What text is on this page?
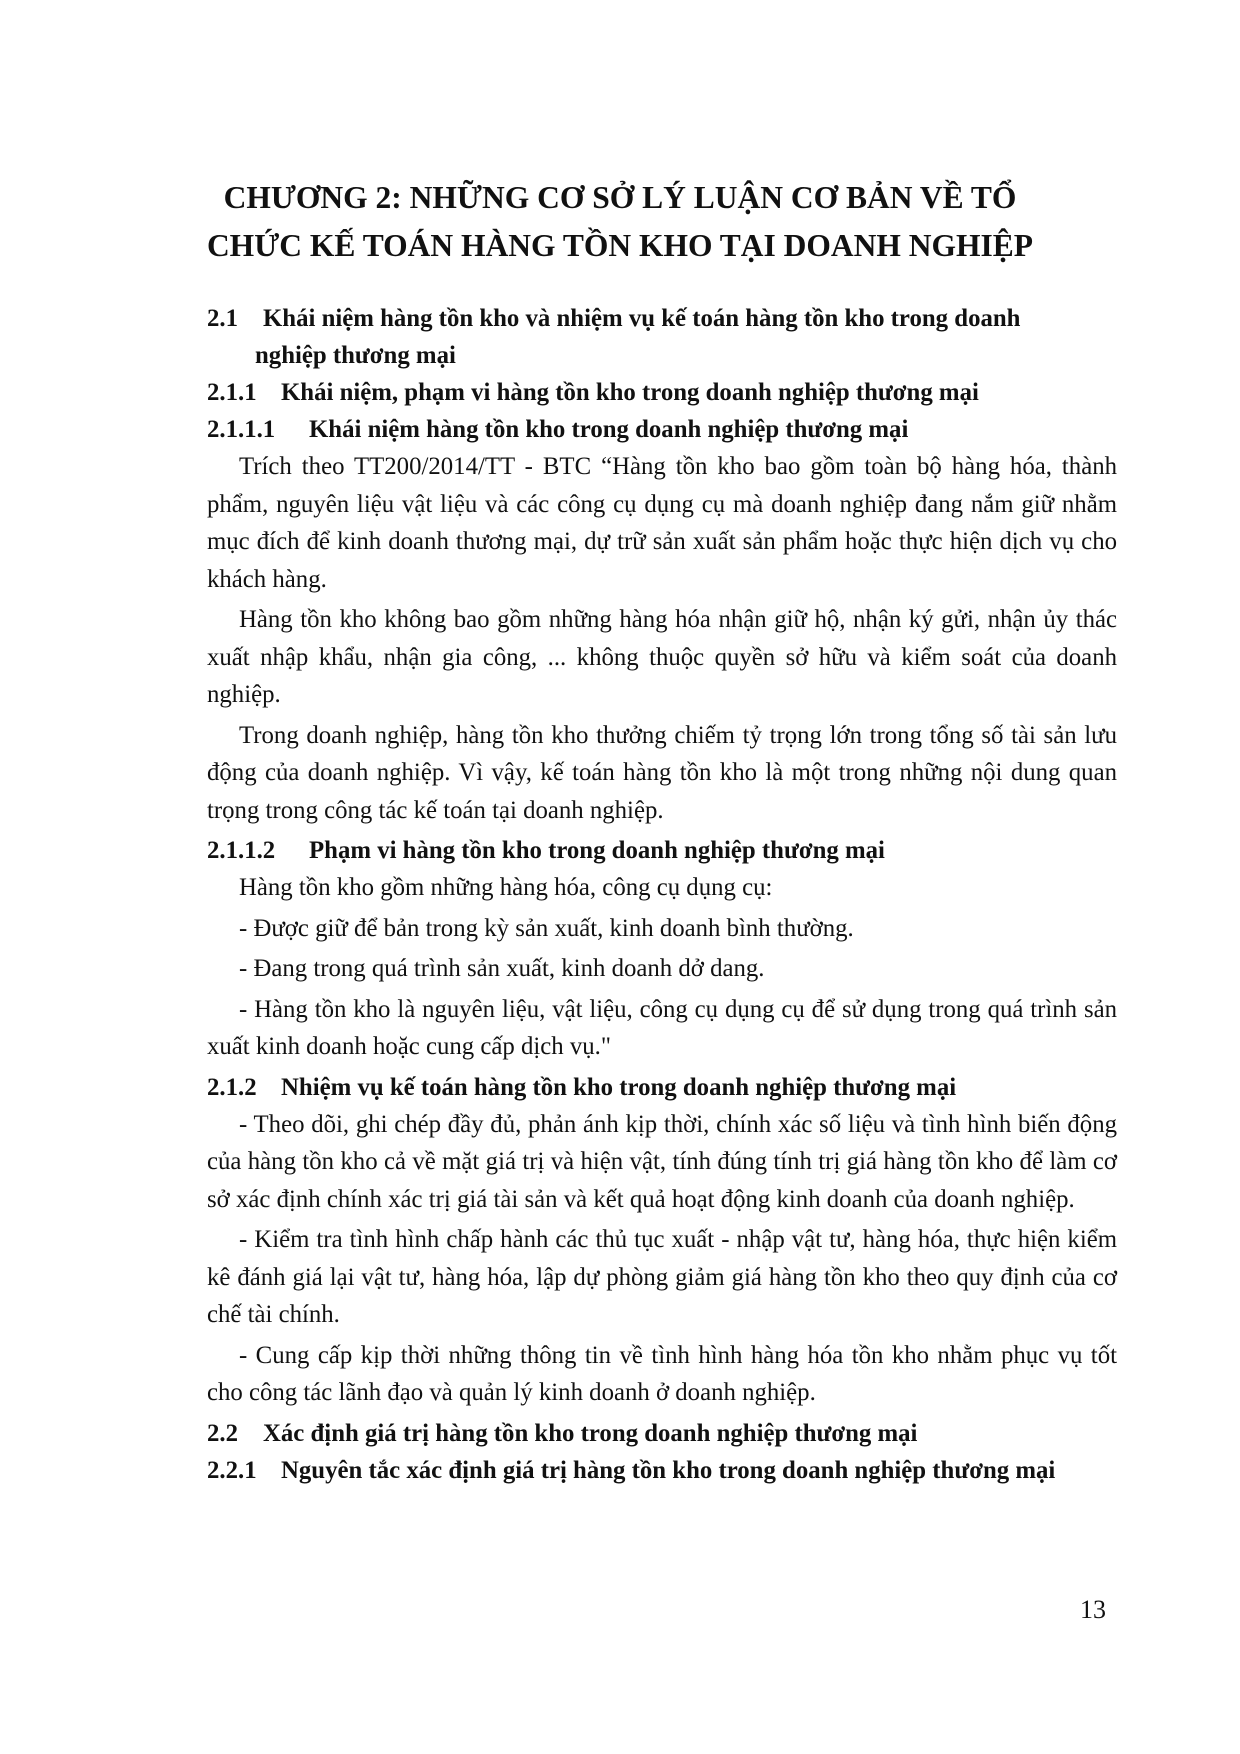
CHƯƠNG 2: NHỮNG CƠ SỞ LÝ LUẬN CƠ BẢN VỀ TỔ
CHỨC KẾ TOÁN HÀNG TỒN KHO TẠI DOANH NGHIỆP
2.1 Khái niệm hàng tồn kho và nhiệm vụ kế toán hàng tồn kho trong doanh
nghiệp thương mại
2.1.1 Khái niệm, phạm vi hàng tồn kho trong doanh nghiệp thương mại
2.1.1.1 Khái niệm hàng tồn kho trong doanh nghiệp thương mại

Trích theo TT200/2014/TT - BTC “Hàng tồn kho bao gồm toàn bộ hàng hóa, thành phẩm, nguyên liệu vật liệu và các công cụ dụng cụ mà doanh nghiệp đang nắm giữ nhằm mục đích để kinh doanh thương mại, dự trữ sản xuất sản phẩm hoặc thực hiện dịch vụ cho khách hàng.

Hàng tồn kho không bao gồm những hàng hóa nhận giữ hộ, nhận ký gửi, nhận ủy thác xuất nhập khẩu, nhận gia công, ... không thuộc quyền sở hữu và kiểm soát của doanh nghiệp.

Trong doanh nghiệp, hàng tồn kho thưởng chiếm tỷ trọng lớn trong tổng số tài sản lưu động của doanh nghiệp. Vì vậy, kế toán hàng tồn kho là một trong những nội dung quan trọng trong công tác kế toán tại doanh nghiệp.

2.1.1.2 Phạm vi hàng tồn kho trong doanh nghiệp thương mại

Hàng tồn kho gồm những hàng hóa, công cụ dụng cụ:

- Được giữ để bản trong kỳ sản xuất, kinh doanh bình thường.

- Đang trong quá trình sản xuất, kinh doanh dở dang.

- Hàng tồn kho là nguyên liệu, vật liệu, công cụ dụng cụ để sử dụng trong quá trình sản xuất kinh doanh hoặc cung cấp dịch vụ."

2.1.2 Nhiệm vụ kế toán hàng tồn kho trong doanh nghiệp thương mại

- Theo dõi, ghi chép đầy đủ, phản ánh kịp thời, chính xác số liệu và tình hình biến động của hàng tồn kho cả về mặt giá trị và hiện vật, tính đúng tính trị giá hàng tồn kho để làm cơ sở xác định chính xác trị giá tài sản và kết quả hoạt động kinh doanh của doanh nghiệp.

- Kiểm tra tình hình chấp hành các thủ tục xuất - nhập vật tư, hàng hóa, thực hiện kiểm kê đánh giá lại vật tư, hàng hóa, lập dự phòng giảm giá hàng tồn kho theo quy định của cơ chế tài chính.

- Cung cấp kịp thời những thông tin về tình hình hàng hóa tồn kho nhằm phục vụ tốt cho công tác lãnh đạo và quản lý kinh doanh ở doanh nghiệp.

2.2 Xác định giá trị hàng tồn kho trong doanh nghiệp thương mại
2.2.1 Nguyên tắc xác định giá trị hàng tồn kho trong doanh nghiệp thương mại
13
